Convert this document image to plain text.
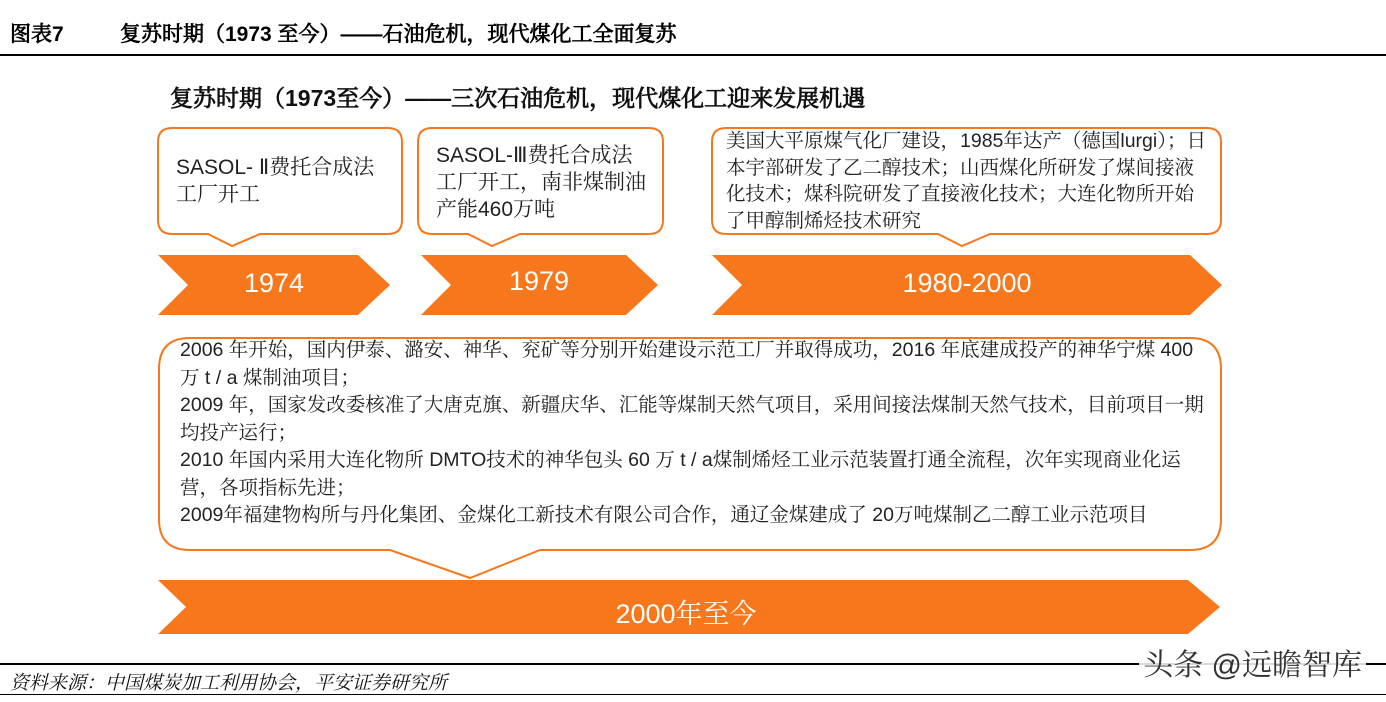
图表7	复苏时期（1973 至今）——石油危机，现代煤化工全面复苏
复苏时期（1973至今）——三次石油危机，现代煤化工迎来发展机遇
SASOL- Ⅱ费托合成法工厂开工
SASOL-Ⅲ费托合成法工厂开工，南非煤制油产能460万吨
美国大平原煤气化厂建设，1985年达产（德国lurgi）；日本宇部研发了乙二醇技术；山西煤化所研发了煤间接液化技术；煤科院研发了直接液化技术；大连化物所开始了甲醇制烯烃技术研究
1974	1979	1980-2000

2006 年开始，国内伊泰、潞安、神华、兖矿等分别开始建设示范工厂并取得成功，2016 年底建成投产的神华宁煤 400 万 t / a 煤制油项目；

2009 年，国家发改委核准了大唐克旗、新疆庆华、汇能等煤制天然气项目，采用间接法煤制天然气技术，目前项目一期均投产运行；

2010 年国内采用大连化物所 DMTO技术的神华包头 60 万 t / a煤制烯烃工业示范装置打通全流程，次年实现商业化运营，各项指标先进；

2009年福建物构所与丹化集团、金煤化工新技术有限公司合作，通辽金煤建成了 20万吨煤制乙二醇工业示范项目

2000年至今
资料来源：中国煤炭加工利用协会，平安证券研究所
头条 @远瞻智库
